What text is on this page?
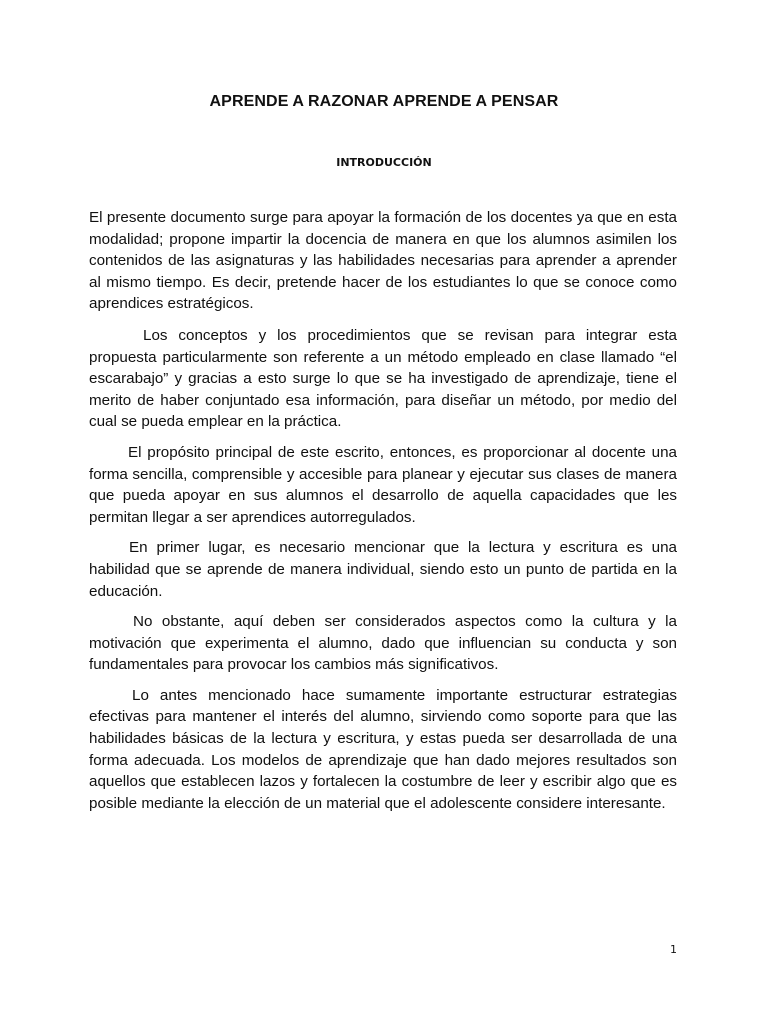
APRENDE A RAZONAR APRENDE A PENSAR
INTRODUCCIÓN

El presente documento surge para apoyar la formación de los docentes ya que en esta modalidad; propone impartir la docencia de manera en que los alumnos asimilen los contenidos de las asignaturas y las habilidades necesarias para aprender a aprender al mismo tiempo. Es decir, pretende hacer de los estudiantes lo que se conoce como aprendices estratégicos.

Los conceptos y los procedimientos que se revisan para integrar esta propuesta particularmente son referente a un método empleado en clase llamado “el escarabajo” y gracias a esto surge lo que se ha investigado de aprendizaje, tiene el merito de haber conjuntado esa información, para diseñar un método, por medio del cual se pueda emplear en la práctica.

El propósito principal de este escrito, entonces, es proporcionar al docente una forma sencilla, comprensible y accesible para planear y ejecutar sus clases de manera que pueda apoyar en sus alumnos el desarrollo de aquella capacidades que les permitan llegar a ser aprendices autorregulados.

En primer lugar, es necesario mencionar que la lectura y escritura es una habilidad que se aprende de manera individual, siendo esto un punto de partida en la educación.

No obstante, aquí deben ser considerados aspectos como la cultura y la motivación que experimenta el alumno, dado que influencian su conducta y son fundamentales para provocar los cambios más significativos.

Lo antes mencionado hace sumamente importante estructurar estrategias efectivas para mantener el interés del alumno, sirviendo como soporte para que las habilidades básicas de la lectura y escritura, y estas pueda ser desarrollada de una forma adecuada. Los modelos de aprendizaje que han dado mejores resultados son aquellos que establecen lazos y fortalecen la costumbre de leer y escribir algo que es posible mediante la elección de un material que el adolescente considere interesante.

1
